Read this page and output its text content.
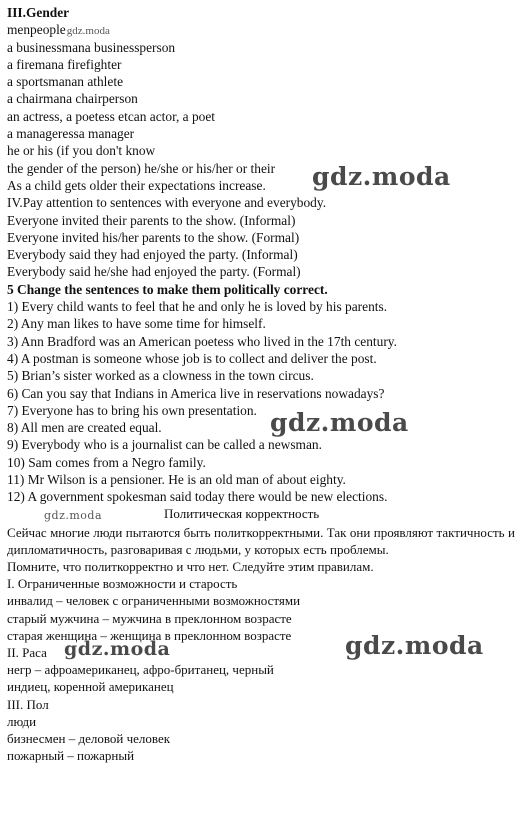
III.Gender
menpeoplegdz.moda
a businessmana businessperson
a firemana firefighter
a sportsmanan athlete
a chairmana chairperson
an actress, a poetess etcan actor, a poet
a manageressa manager
he or his (if you don't know
the gender of the person) he/she or his/her or their
As a child gets older their expectations increase.
IV.Pay attention to sentences with everyone and everybody.
Everyone invited their parents to the show. (Informal)
Everyone invited his/her parents to the show. (Formal)
Everybody said they had enjoyed the party. (Informal)
Everybody said he/she had enjoyed the party. (Formal)
5 Change the sentences to make them politically correct.
1) Every child wants to feel that he and only he is loved by his parents.
2) Any man likes to have some time for himself.
3) Ann Bradford was an American poetess who lived in the 17th century.
4) A postman is someone whose job is to collect and deliver the post.
5) Brian’s sister worked as a clowness in the town circus.
6) Can you say that Indians in America live in reservations nowadays?
7) Everyone has to bring his own presentation.
8) All men are created equal.
9) Everybody who is a journalist can be called a newsman.
10) Sam comes from a Negro family.
11) Mr Wilson is a pensioner. He is an old man of about eighty.
12) A government spokesman said today there would be new elections.
gdz.moda	Политическая корректность
Сейчас многие люди пытаются быть политкорректными. Так они проявляют тактичность и дипломатичность, разговаривая с людьми, у которых есть проблемы.
Помните, что политкорректно и что нет. Следуйте этим правилам.
I. Ограниченные возможности и старость
инвалид – человек с ограниченными возможностями
старый мужчина – мужчина в преклонном возрасте
старая женщина – женщина в преклонном возрасте
II. Раса gdz.moda
негр – афроамериканец, афро-британец, черный
индиец, коренной американец
III. Пол
люди
бизнесмен – деловой человек
пожарный – пожарный
gdz.moda
gdz.moda
gdz.moda
